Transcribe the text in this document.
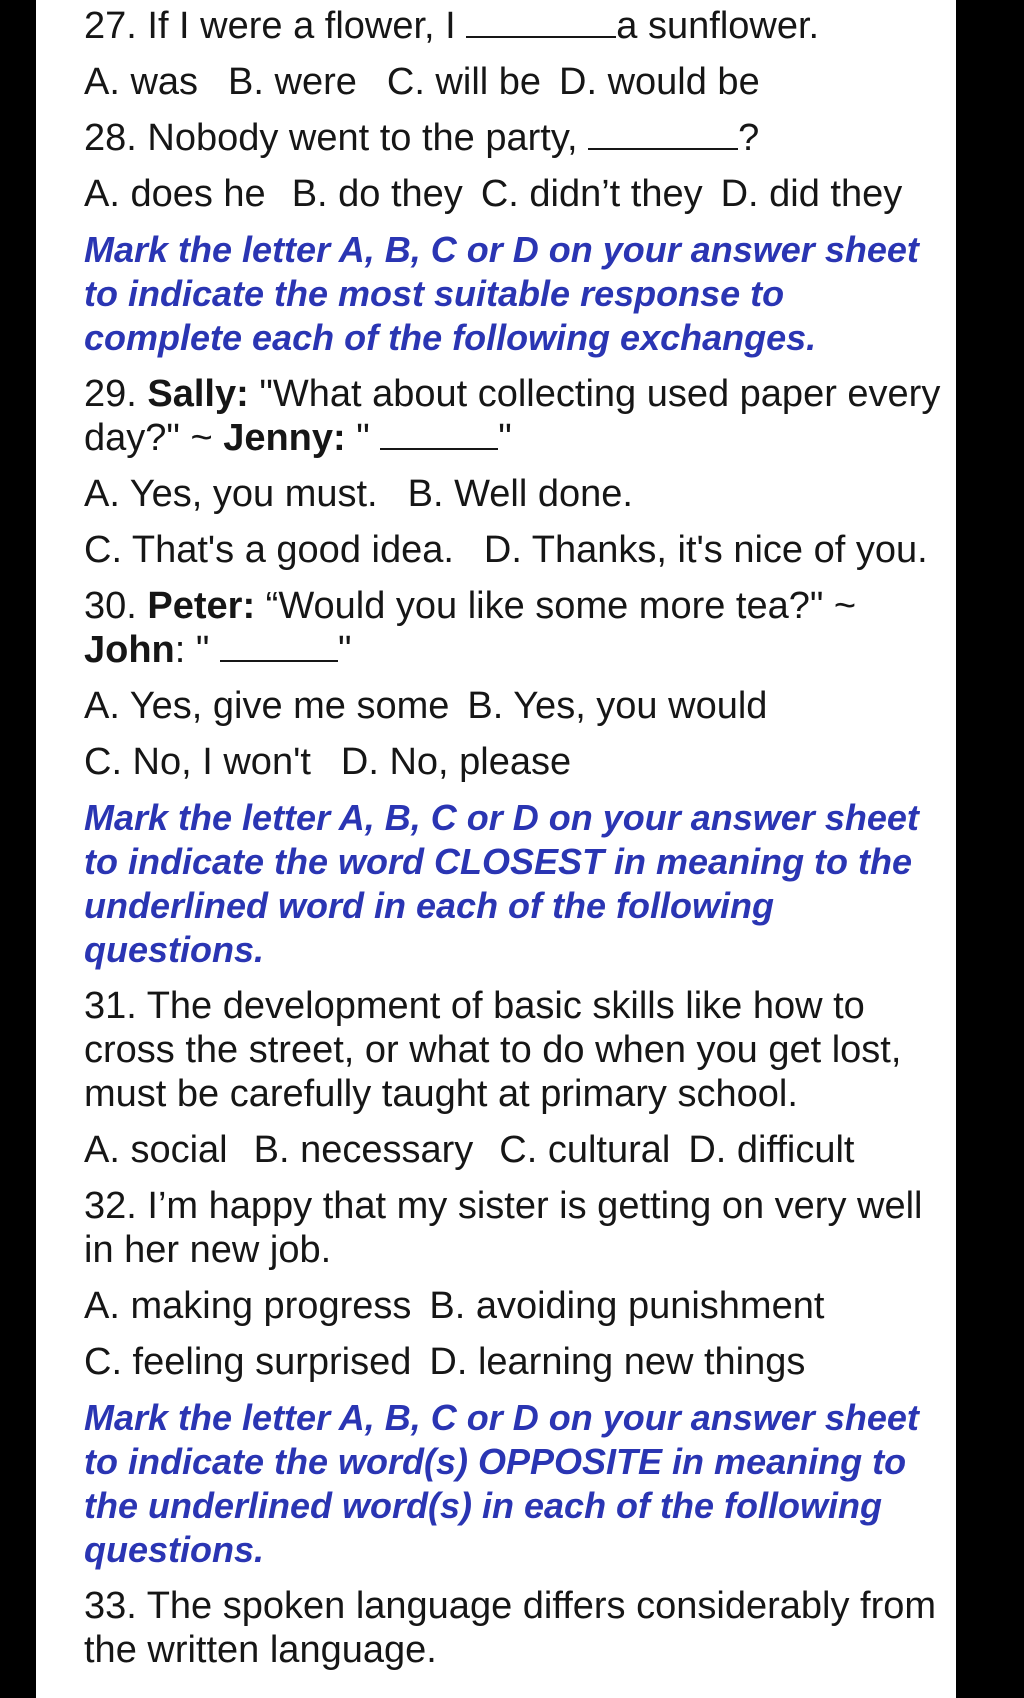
27. If I were a flower, I	a sunflower.
A. was B. were C. will be D. would be
28. Nobody went to the party,	?
A. does he B. do they C. didn’t they D. did they
Mark the letter A, B, C or D on your answer sheet to indicate the most suitable response to complete each of the following exchanges.
29. Sally: "What about collecting used paper every day?" ~ Jenny: "	"
A. Yes, you must. B. Well done.
C. That's a good idea. D. Thanks, it's nice of you.
30. Peter: “Would you like some more tea?" ~
John: "	"
A. Yes, give me some B. Yes, you would
C. No, I won't D. No, please
Mark the letter A, B, C or D on your answer sheet to indicate the word CLOSEST in meaning to the underlined word in each of the following questions.
31. The development of basic skills like how to cross the street, or what to do when you get lost, must be carefully taught at primary school.
A. social B. necessary C. cultural D. difficult
32. I’m happy that my sister is getting on very well in her new job.
A. making progress B. avoiding punishment
C. feeling surprised D. learning new things
Mark the letter A, B, C or D on your answer sheet to indicate the word(s) OPPOSITE in meaning to the underlined word(s) in each of the following questions.
33. The spoken language differs considerably from the written language.
